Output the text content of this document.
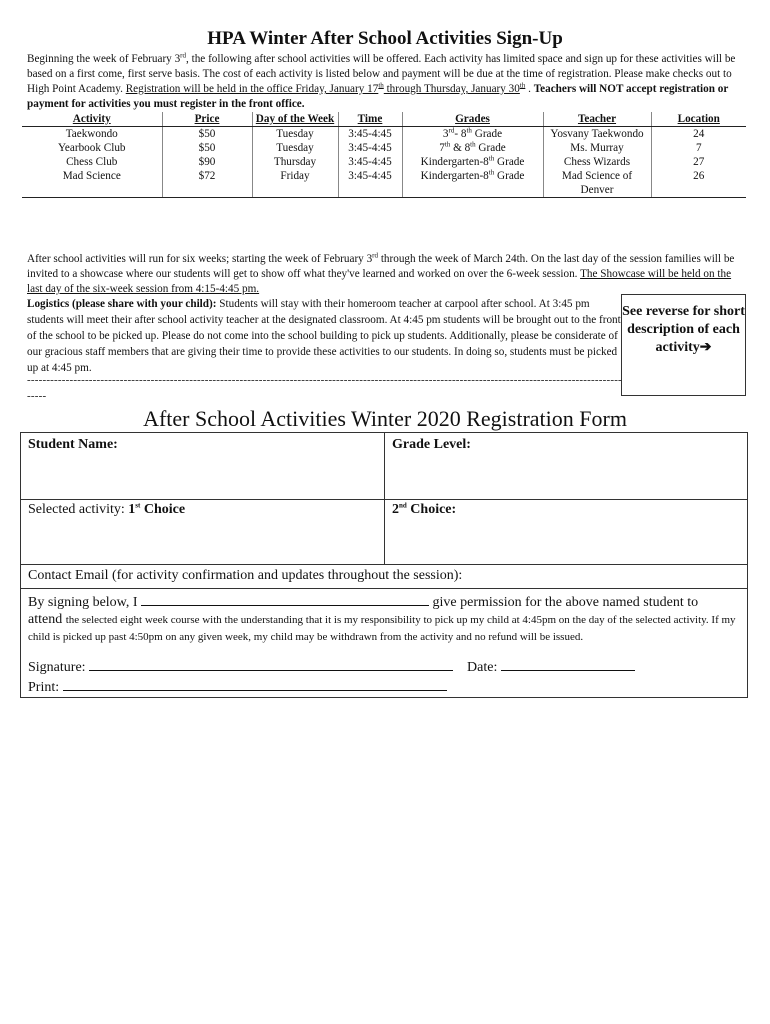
HPA Winter After School Activities Sign-Up

Beginning the week of February 3rd, the following after school activities will be offered. Each activity has limited space and sign up for these activities will be based on a first come, first serve basis. The cost of each activity is listed below and payment will be due at the time of registration. Please make checks out to High Point Academy. Registration will be held in the office Friday, January 17th through Thursday, January 30th . Teachers will NOT accept registration or payment for activities you must register in the front office.

Activity	Price	Day of the Week	Time	Grades	Teacher	Location
Taekwondo	$50	Tuesday	3:45-4:45	3rd- 8th Grade	Yosvany Taekwondo	24
Yearbook Club	$50	Tuesday	3:45-4:45	7th & 8th Grade	Ms. Murray	7
Chess Club	$90	Thursday	3:45-4:45	Kindergarten-8th Grade	Chess Wizards	27
Mad Science	$72	Friday	3:45-4:45	Kindergarten-8th Grade	Mad Science of Denver	26

After school activities will run for six weeks; starting the week of February 3rd through the week of March 24th. On the last day of the session families will be invited to a showcase where our students will get to show off what they've learned and worked on over the 6-week session. The Showcase will be held on the last day of the six-week session from 4:15-4:45 pm.

Logistics (please share with your child): Students will stay with their homeroom teacher at carpool after school. At 3:45 pm students will meet their after school activity teacher at the designated classroom. At 4:45 pm students will be brought out to the front of the school to be picked up. Please do not come into the school building to pick up students. Additionally, please be considerate of our gracious staff members that are giving their time to provide these activities to our students. In doing so, students must be picked up at 4:45 pm.

See reverse for short description of each activity➔
---------------------------------------------------------------------------------------------------------------------------------------------------------------
After School Activities Winter 2020 Registration Form
Student Name:	Grade Level:
Selected activity: 1st Choice	2nd Choice:
Contact Email (for activity confirmation and updates throughout the session):
By signing below, I	give permission for the above named student to
attend the selected eight week course with the understanding that it is my responsibility to pick up my child at 4:45pm on the day of the selected activity. If my child is picked up past 4:50pm on any given week, my child may be withdrawn from the activity and no refund will be issued.
Signature:	Date:
Print:
